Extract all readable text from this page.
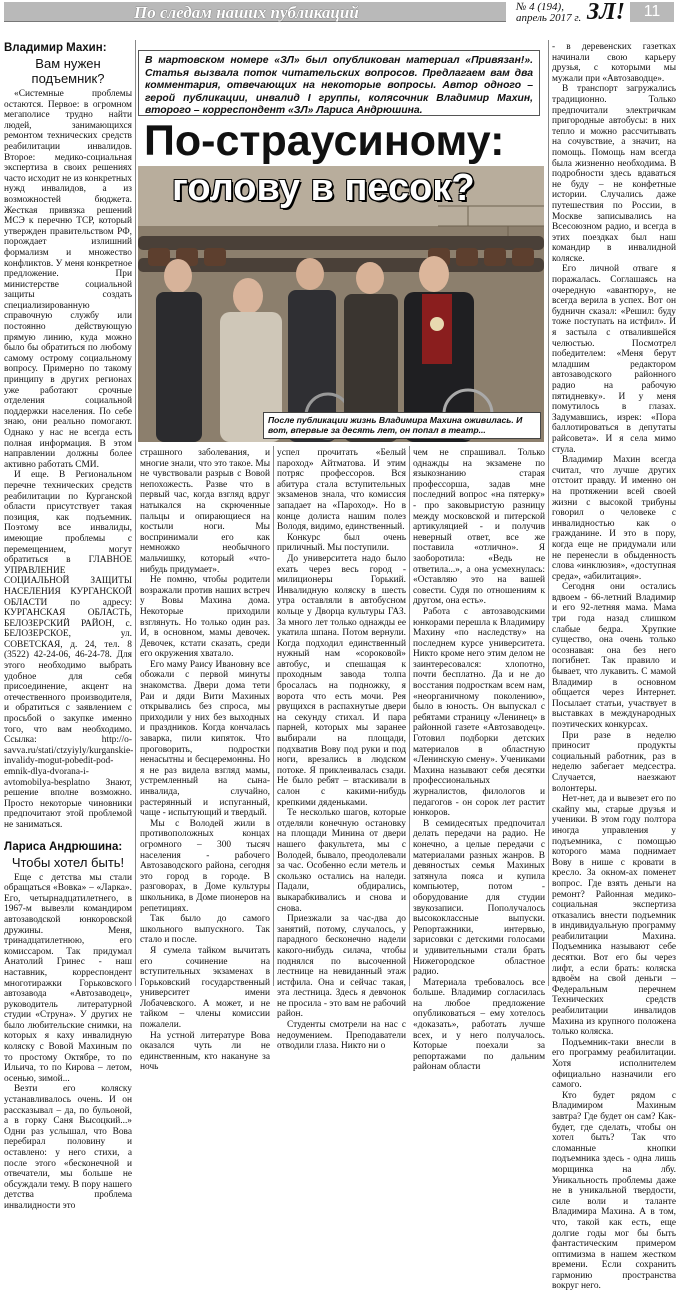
По следам наших публикаций	№ 4 (194),
апрель 2017 г. ЗЛ!	11
Владимир Махин:
Вам нужен подъемник?

«Системные проблемы остаются. Первое: в огромном мегаполисе трудно найти людей, занимающихся ремонтом технических средств реабилитации инвалидов. Второе: медико-социальная экспертиза в своих решениях часто исходит не из конкретных нужд инвалидов, а из возможностей бюджета. Жесткая привязка решений МСЭ к перечню ТСР, который утвержден правительством РФ, порождает излишний формализм и множество конфликтов. У меня конкретное предложение. При министерстве социальной защиты создать специализированную справочную службу или постоянно действующую прямую линию, куда можно было бы обратиться по любому самому острому социальному вопросу. Примерно по такому принципу в других регионах уже работают срочные отделения социальной поддержки населения. По себе знаю, они реально помогают. Однако у нас не всегда есть полная информация. В этом направлении должны более активно работать СМИ.

И еще. В Региональном перечне технических средств реабилитации по Курганской области присутствует такая позиция, как подъемник. Поэтому все инвалиды, имеющие проблемы с перемещением, могут обратиться в ГЛАВНОЕ УПРАВЛЕНИЕ СОЦИАЛЬНОЙ ЗАЩИТЫ НАСЕЛЕНИЯ КУРГАНСКОЙ ОБЛАСТИ по адресу: КУРГАНСКАЯ ОБЛАСТЬ, БЕЛОЗЕРСКИЙ РАЙОН, с. БЕЛОЗЕРСКОЕ, ул. СОВЕТСКАЯ, д. 24, тел. 8 (3522) 42-24-06, 46-24-78. Для этого необходимо выбрать удобное для себя присоединение, акцент на отечественного производителя, и обратиться с заявлением с просьбой о закупке именно того, что вам необходимо. Ссылка: http://o-savva.ru/stati/ctzyiyly/kurganskie-invalidy-mogut-pobedit-pod-emnik-dlya-dvorana-i-avtomobilya-besplatno Знают, решение вполне возможно. Просто некоторые чиновники предпочитают этой проблемой не заниматься.

Лариса Андрюшина:
Чтобы хотел быть!

Еще с детства мы стали обращаться «Вовка» – «Ларка». Его, четырнадцатилетнего, в 1967-м вывезли командиром автозаводской юнкоровской дружины. Меня, тринадцатилетнюю, его комиссаром. Так придумал Анатолий Гринес - наш наставник, корреспондент многотиражки Горьковского автозавода «Автозаводец», руководитель литературной студии «Струна». У других не было любительские снимки, на которых я каху инвалидную коляску с Вовой Махиным по то простому Октябре, то по Ильича, то по Кирова – летом, осенью, зимой...

Везти его коляску устанавливалось очень. И он рассказывал – да, по бульоной, а в горку Саня Высоцкий...» Одни раз услышал, что Вова перебирал половину и оставлено: у него стихи, а после этого «бесконечной и отвечатели, мы больше не обсуждали тему. В пору нашего детства проблема инвалидности это

В мартовском номере «ЗЛ» был опубликован материал «Привязан!». Статья вызвала поток читательских вопросов. Предлагаем вам два комментария, отвечающих на некоторые вопросы. Автор одного – герой публикации, инвалид I группы, колясочник Владимир Махин, второго – корреспондент «ЗЛ» Лариса Андрюшина.
По-страусиному:
голову в песок?
После публикации жизнь Владимира Махина оживилась. И вот, впервые за десять лет, он попал в театр...

страшного заболевания, и многие знали, что это такое. Мы не чувствовали разрыв с Вовой непохожесть. Разве что в первый час, когда взгляд вдруг натыкался на скрюченные пальцы и опирающиеся на костыли ноги. Мы воспринимали его как немножко необычного мальчишку, который «что-нибудь придумает».

Не помню, чтобы родители возражали против наших встреч у Вовы Махина дома. Некоторые приходили взглянуть. Но только один раз. И, в основном, мамы девочек. Девочек, кстати сказать, среди его окружения хватало.

Его маму Раису Ивановну все обожали с первой минуты знакомства. Двери дома тети Раи и дяди Вити Махиных открывались без спроса, мы приходили у них без выходных и праздников. Когда кончалась заварка, пили кипяток. Что проговорить, подростки ненасытны и бесцеремонны. Но я не раз видела взгляд мамы, устремленный на сына-инвалида, случайно, растерянный и испуганный, чаще - испытующий и твердый.

Мы с Володей жили в противоположных концах огромного – 300 тысяч населения - рабочего Автозаводского района, сегодня это город в городе. В разговорах, в Доме культуры школьника, в Доме пионеров на репетициях.

Так было до самого школьного выпускного. Так стало и после.

Я сумела тайком вычитать его сочинение на вступительных экзаменах в Горьковский государственный университет имени Лобачевского. А может, и не тайком – члены комиссии пожалели.

На устной литературе Вова оказался чуть ли не единственным, кто накануне за ночь

успел прочитать «Белый пароход» Айтматова. И этим потряс профессоров. Вся абитура стала вступительных экзаменов знала, что комиссия западает на «Пароход». Но в конце долиста нашим полез Володя, видимо, единственный.

Конкурс был очень приличный. Мы поступили.

До университета надо было ехать через весь город - милиционеры Горький. Инвалидную коляску в шесть утра оставляли в автобусном кольце у Дворца культуры ГАЗ. За много лет только однажды ее укатила шпана. Потом вернули. Когда подходил единственный нужный нам «сороковой» автобус, и спешащая к проходным завода толпа бросалась на подножку, я ворота что есть мочи. Рея рвущихся в распахнутые двери на секунду стихал. И пара парней, которых мы заранее выбирали на площади, подхватив Вову под руки и под ноги, врезались в людском потоке. Я приклеивалась сзади. Не было ребят – втаскивали в салон с какими-нибудь крепкими дяденьками.

Те несколько шагов, которые отделяли конечную остановку на площади Минина от двери нашего факультета, мы с Володей, бывало, преодолевали за час. Особенно если метель и скользко остались на наледи. Падали, обдирались, выкарабкивались и снова и снова.

Приезжали за час-два до занятий, потому, случалось, у парадного бесконечно надели какого-нибудь силача, чтобы поднялся по высоченной лестнице на невиданный этаж истфила. Она и сейчас такая, эта лестница. Здесь я девчонок не просила - это вам не рабочий район.

Студенты смотрели на нас с недоумением. Преподаватели отводили глаза. Никто ни о

чем не спрашивал. Только однажды на экзамене по языкознанию старая профессорша, задав мне последний вопрос «на пятерку» - про заковыристую разницу между московской и питерской артикуляцией - и получив неверный ответ, все же поставила «отлично». Я заоборотила: «Ведь не ответила...», а она усмехнулась: «Оставляю это на вашей совести. Судя по отношениям к другом, она есть».

Работа с автозаводскими юнкорами перешла к Владимиру Махину «по наследству» на последнем курсе университета. Никто кроме него этим делом не заинтересовался: хлопотно, почти бесплатно. Да и не до восстания подросткам всем нам, «неорганичному поколению», было в юность. Он выпускал с ребятами страницу «Ленинец» в районной газете «Автозаводец». Готовил подборки детских материалов в областную «Ленинскую смену». Учениками Махина называют себя десятки профессиональных журналистов, филологов и педагогов - он сорок лет растит юнкоров.

В семидесятых предпочитал делать передачи на радио. Не конечно, а целые передачи с материалами разных жанров. В девяностых семья Махиных затянула пояса и купила компьютер, потом - оборудование для студии звукозаписи. Пополучалось высококлассные выпуски. Репортажники, интервью, зарисовки с детскими голосами и удивительными стали брать Нижегородское областное радио.

Материала требовалось все больше. Владимир согласилась на любое предложение опубликоваться – ему хотелось «доказать», работать лучше всех, и у него получалось. Которые поехали за репортажами по дальним районам области

- в деревенских газетках начинали свою карьеру друзья, с которыми мы мужали при «Автозаводце».

В транспорт загружались традиционно. Только предпочитали электричкам пригородные автобусы: в них тепло и можно рассчитывать на сочувствие, а значит, на помощь. Помощь нам всегда была жизненно необходима. В подробности здесь вдаваться не буду – не конфетные истории. Случались даже путешествия по России, в Москве записывались на Всесоюзном радио, и всегда в этих поездках был наш командир в инвалидной коляске.

Его личной отваге я поражалась. Соглашаясь на очередную «авантюру», не всегда верила в успех. Вот он будничн сказал: «Решил: буду тоже поступать на истфил». И я застыла с отвалившейся челюстью. Посмотрел победителем: «Меня берут младшим редактором автозаводского районного радио на рабочую пятидневку». И у меня помутилось в глазах. Задумавшись, изрек: «Пора баллотироваться в депутаты райсовета». И я села мимо стула.

Владимир Махин всегда считал, что лучше других отстоит правду. И именно он на протяжении всей своей жизни с высокой трибуны говорил о человеке с инвалидностью как о гражданине. И это в пору, когда еще не придумали или не перенесли в обыденность слова «инклюзия», «доступная среда», «абилитация».

Сегодня они остались вдвоем - 66-летний Владимир и его 92-летняя мама. Мама три года назад слишком слабые бедра. Хрупкие существо, она очень только осознавая: она без него погибнет. Так правило и бывает, что лукавить. С мамой Владимир в основном общается через Интернет. Посылает статьи, участвует в выставках в международных поэтических конкурсах.

При разе в неделю приносит продукты социальный работник, раз в неделю забегает медсестра. Случается, наезжают волонтеры.

Нет-нет, да и вывезет его по скайпу мы, старые друзья и ученики. В этом году полтора иногда управления у подъемника, с помощью которого мама поднимает Вову в нише с кровати в кресло. За окном-ах поменет вопрос. Где взять деньги на ремонт? Районная медико-социальная экспертиза отказались внести подъемник в индивидуальную программу реабилитации Махина. Подъемника называют себе десятки. Вот его бы через лифт, а если брать: коляска вдвоём на свой деньги – Федеральным перечнем Технических средств реабилитации инвалидов Махина из крупного положена только коляска.

Подъемник-таки внесли в его программу реабилитации. Хотя исполнителем официально назначили его самого.

Кто будет рядом с Владимиром Махиным завтра? Где будет он сам? Как-будет, где сделать, чтобы он хотел быть? Так что сломанные кнопки подъемника здесь - одна лишь морщинка на лбу. Уникальность проблемы даже не в уникальной твердости, силе воли и таланте Владимира Махина. А в том, что, такой как есть, еще долгие годы мог бы быть фантастическим примером оптимизма в нашем жестком времени. Если сохранить гармонию пространства вокруг него.
